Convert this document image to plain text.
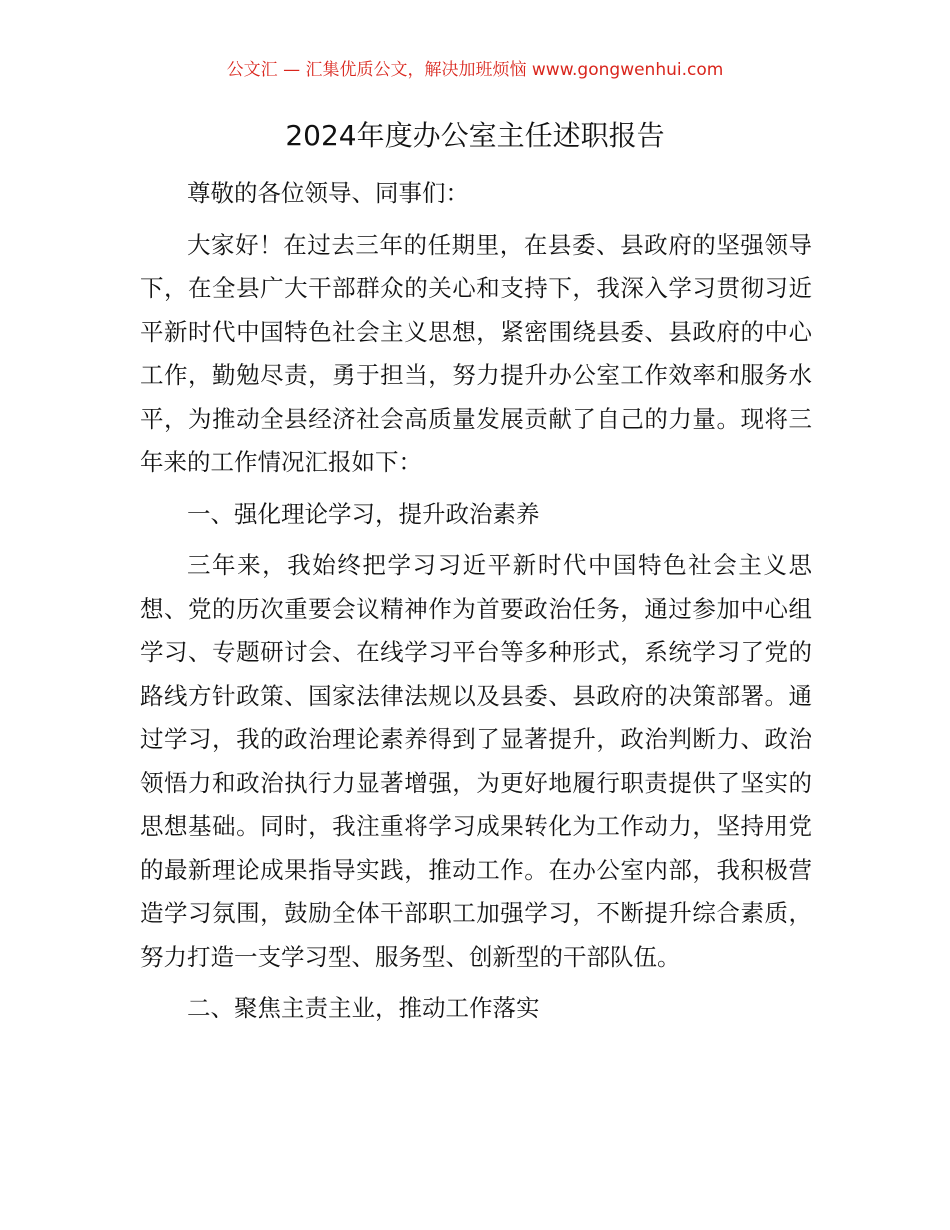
公文汇 — 汇集优质公文，解决加班烦恼 www.gongwenhui.com
2024年度办公室主任述职报告

尊敬的各位领导、同事们：

大家好！在过去三年的任期里，在县委、县政府的坚强领导下，在全县广大干部群众的关心和支持下，我深入学习贯彻习近平新时代中国特色社会主义思想，紧密围绕县委、县政府的中心工作，勤勉尽责，勇于担当，努力提升办公室工作效率和服务水平，为推动全县经济社会高质量发展贡献了自己的力量。现将三年来的工作情况汇报如下：

一、强化理论学习，提升政治素养

三年来，我始终把学习习近平新时代中国特色社会主义思想、党的历次重要会议精神作为首要政治任务，通过参加中心组学习、专题研讨会、在线学习平台等多种形式，系统学习了党的路线方针政策、国家法律法规以及县委、县政府的决策部署。通过学习，我的政治理论素养得到了显著提升，政治判断力、政治领悟力和政治执行力显著增强，为更好地履行职责提供了坚实的思想基础。同时，我注重将学习成果转化为工作动力，坚持用党的最新理论成果指导实践，推动工作。在办公室内部，我积极营造学习氛围，鼓励全体干部职工加强学习，不断提升综合素质，努力打造一支学习型、服务型、创新型的干部队伍。

二、聚焦主责主业，推动工作落实
